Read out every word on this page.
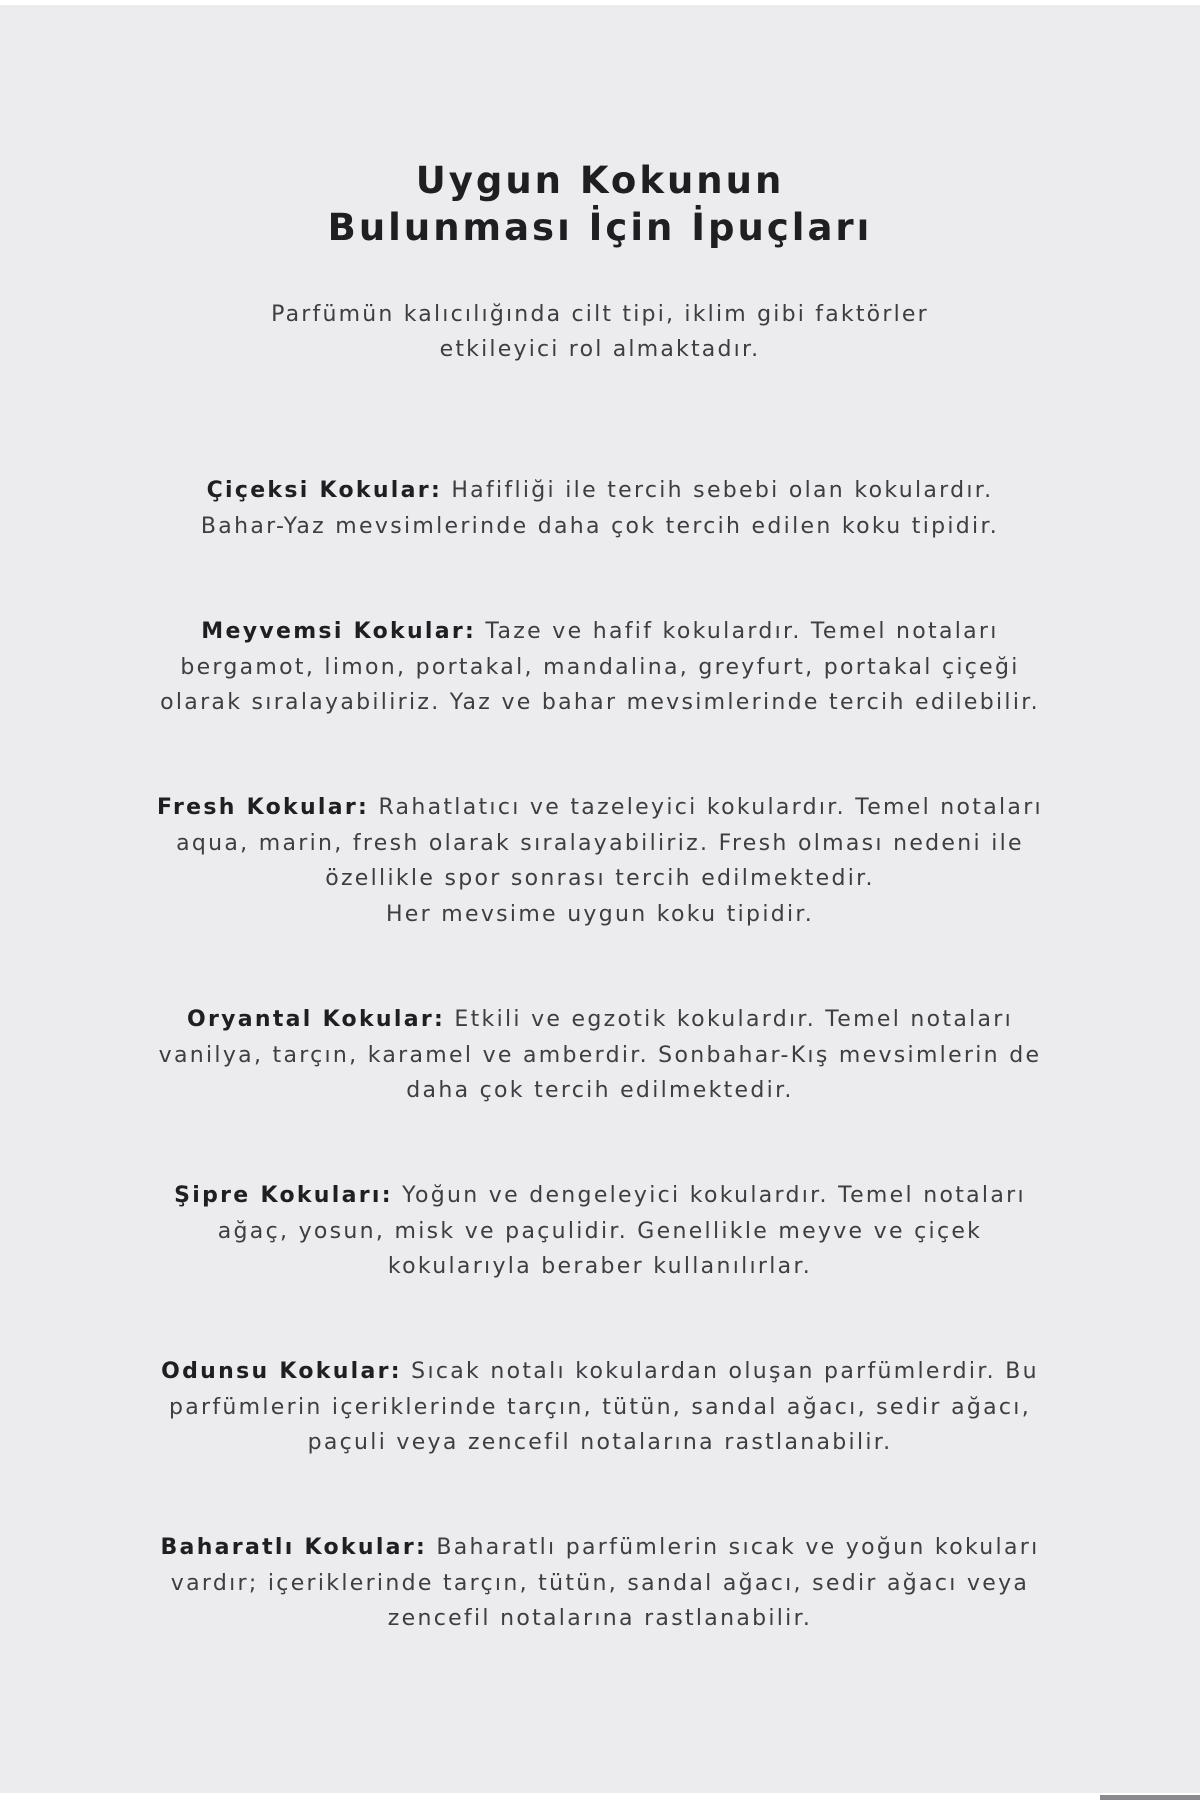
Uygun Kokunun
Bulunması İçin İpuçları

Parfümün kalıcılığında cilt tipi, iklim gibi faktörler
etkileyici rol almaktadır.

Çiçeksi Kokular: Hafifliği ile tercih sebebi olan kokulardır.
Bahar-Yaz mevsimlerinde daha çok tercih edilen koku tipidir.

Meyvemsi Kokular: Taze ve hafif kokulardır. Temel notaları
bergamot, limon, portakal, mandalina, greyfurt, portakal çiçeği
olarak sıralayabiliriz. Yaz ve bahar mevsimlerinde tercih edilebilir.

Fresh Kokular: Rahatlatıcı ve tazeleyici kokulardır. Temel notaları
aqua, marin, fresh olarak sıralayabiliriz. Fresh olması nedeni ile
özellikle spor sonrası tercih edilmektedir.
Her mevsime uygun koku tipidir.

Oryantal Kokular: Etkili ve egzotik kokulardır. Temel notaları
vanilya, tarçın, karamel ve amberdir. Sonbahar-Kış mevsimlerin de
daha çok tercih edilmektedir.

Şipre Kokuları: Yoğun ve dengeleyici kokulardır. Temel notaları
ağaç, yosun, misk ve paçulidir. Genellikle meyve ve çiçek
kokularıyla beraber kullanılırlar.

Odunsu Kokular: Sıcak notalı kokulardan oluşan parfümlerdir. Bu
parfümlerin içeriklerinde tarçın, tütün, sandal ağacı, sedir ağacı,
paçuli veya zencefil notalarına rastlanabilir.

Baharatlı Kokular: Baharatlı parfümlerin sıcak ve yoğun kokuları
vardır; içeriklerinde tarçın, tütün, sandal ağacı, sedir ağacı veya
zencefil notalarına rastlanabilir.
